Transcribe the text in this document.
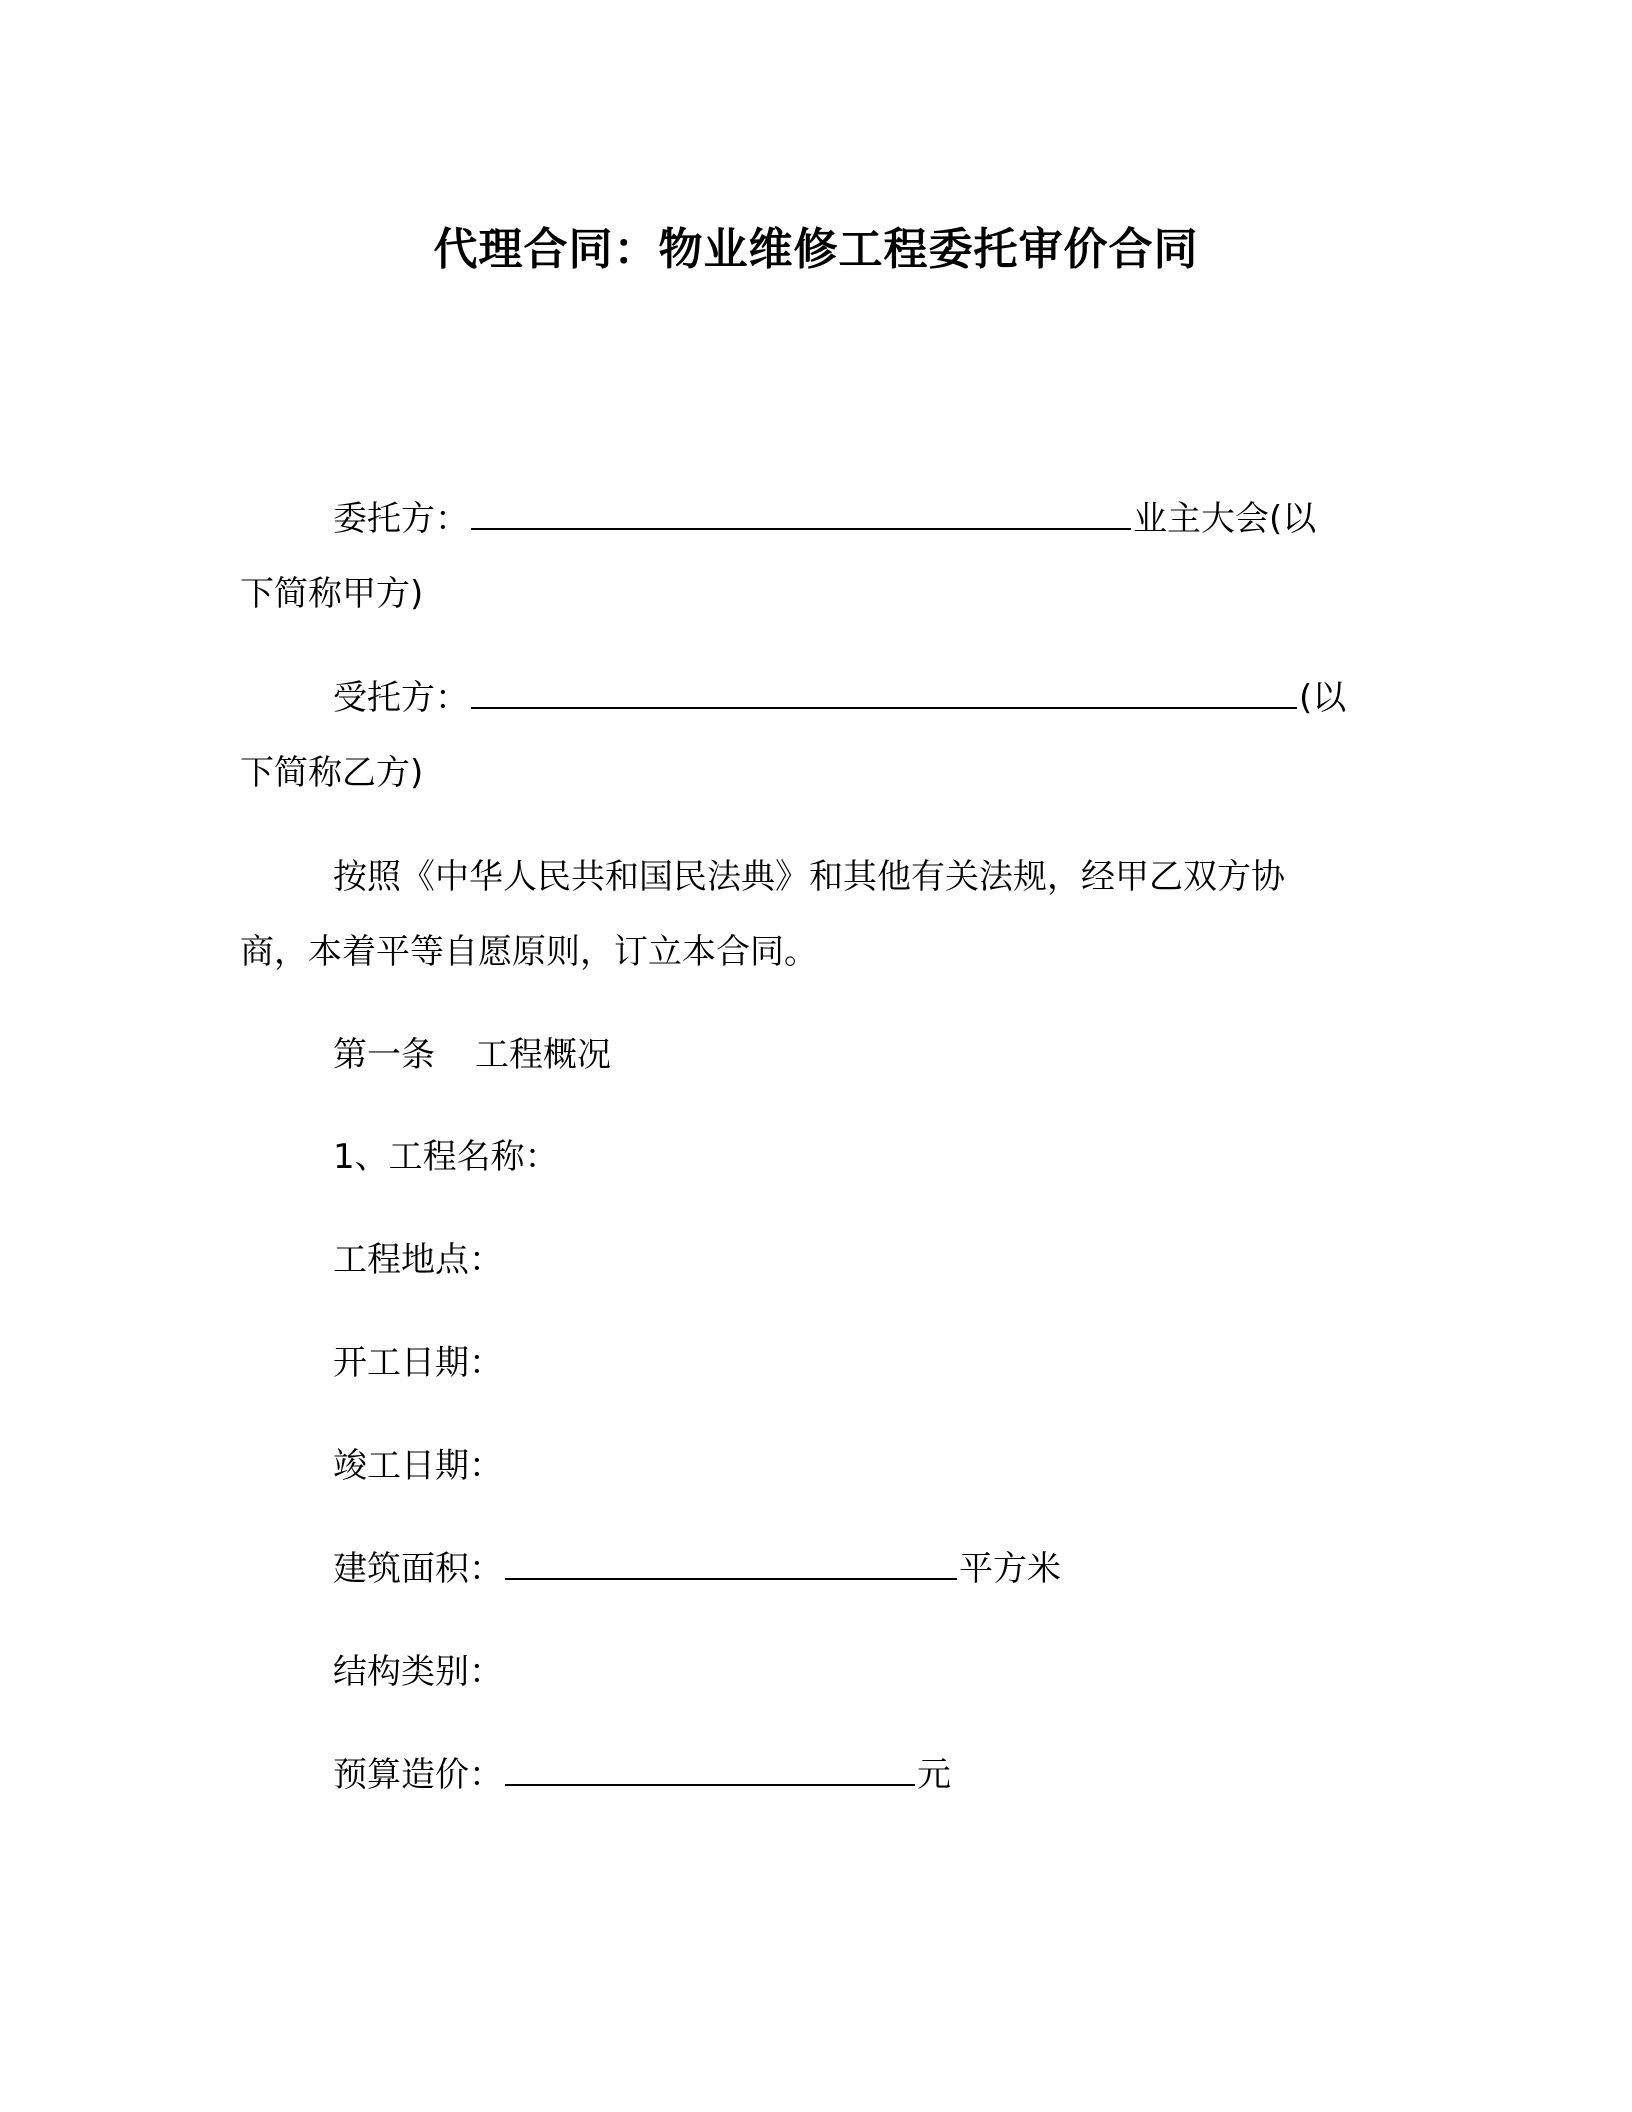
代理合同：物业维修工程委托审价合同
委托方：	业主大会(以
下简称甲方)
受托方：	(以
下简称乙方)
按照《中华人民共和国民法典》和其他有关法规，经甲乙双方协
商，本着平等自愿原则，订立本合同。
第一条 工程概况
1、工程名称：
工程地点：
开工日期：
竣工日期：
建筑面积：	平方米
结构类别：
预算造价：	元
